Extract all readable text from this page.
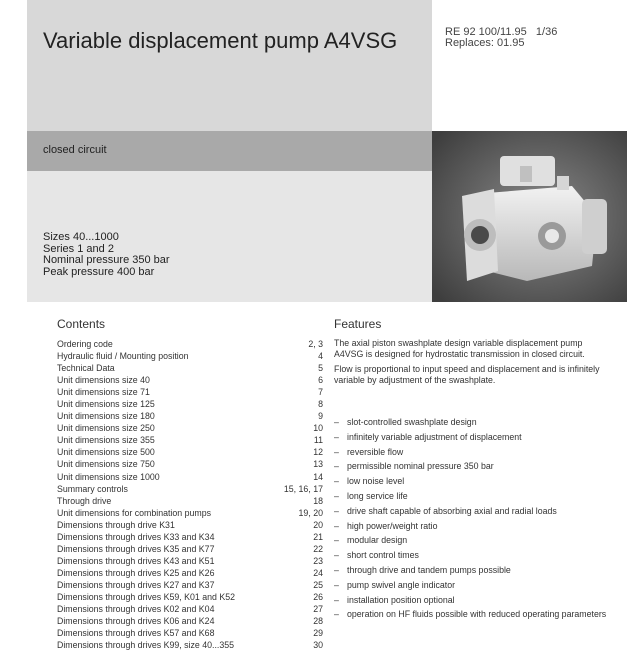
Variable displacement pump A4VSG	RE 92 100/11.95   1/36
Replaces: 01.95
closed circuit
Sizes 40...1000
Series 1 and 2
Nominal pressure 350 bar
Peak pressure 400 bar
Contents
Ordering code	2, 3
Hydraulic fluid / Mounting position	4
Technical Data	5
Unit dimensions size 40	6
Unit dimensions size 71	7
Unit dimensions size 125	8
Unit dimensions size 180	9
Unit dimensions size 250	10
Unit dimensions size 355	11
Unit dimensions size 500	12
Unit dimensions size 750	13
Unit dimensions size 1000	14
Summary controls	15, 16, 17
Through drive	18
Unit dimensions for combination pumps	19, 20
Dimensions through drive K31	20
Dimensions through drives K33 and K34	21
Dimensions through drives K35 and K77	22
Dimensions through drives K43 and K51	23
Dimensions through drives K25 and K26	24
Dimensions through drives K27 and K37	25
Dimensions through drives K59, K01 and K52	26
Dimensions through drives K02 and K04	27
Dimensions through drives K06 and K24	28
Dimensions through drives K57 and K68	29
Dimensions through drives K99, size 40...355	30
Features

The axial piston swashplate design variable displacement pump A4VSG is designed for hydrostatic transmission in closed circuit.

Flow is proportional to input speed and displacement and is infinitely variable by adjustment of the swashplate.

– slot-controlled swashplate design
– infinitely variable adjustment of displacement
– reversible flow
– permissible nominal pressure 350 bar
– low noise level
– long service life
– drive shaft capable of absorbing axial and radial loads
– high power/weight ratio
– modular design
– short control times
– through drive and tandem pumps possible
– pump swivel angle indicator
– installation position optional
– operation on HF fluids possible with reduced operating parameters
